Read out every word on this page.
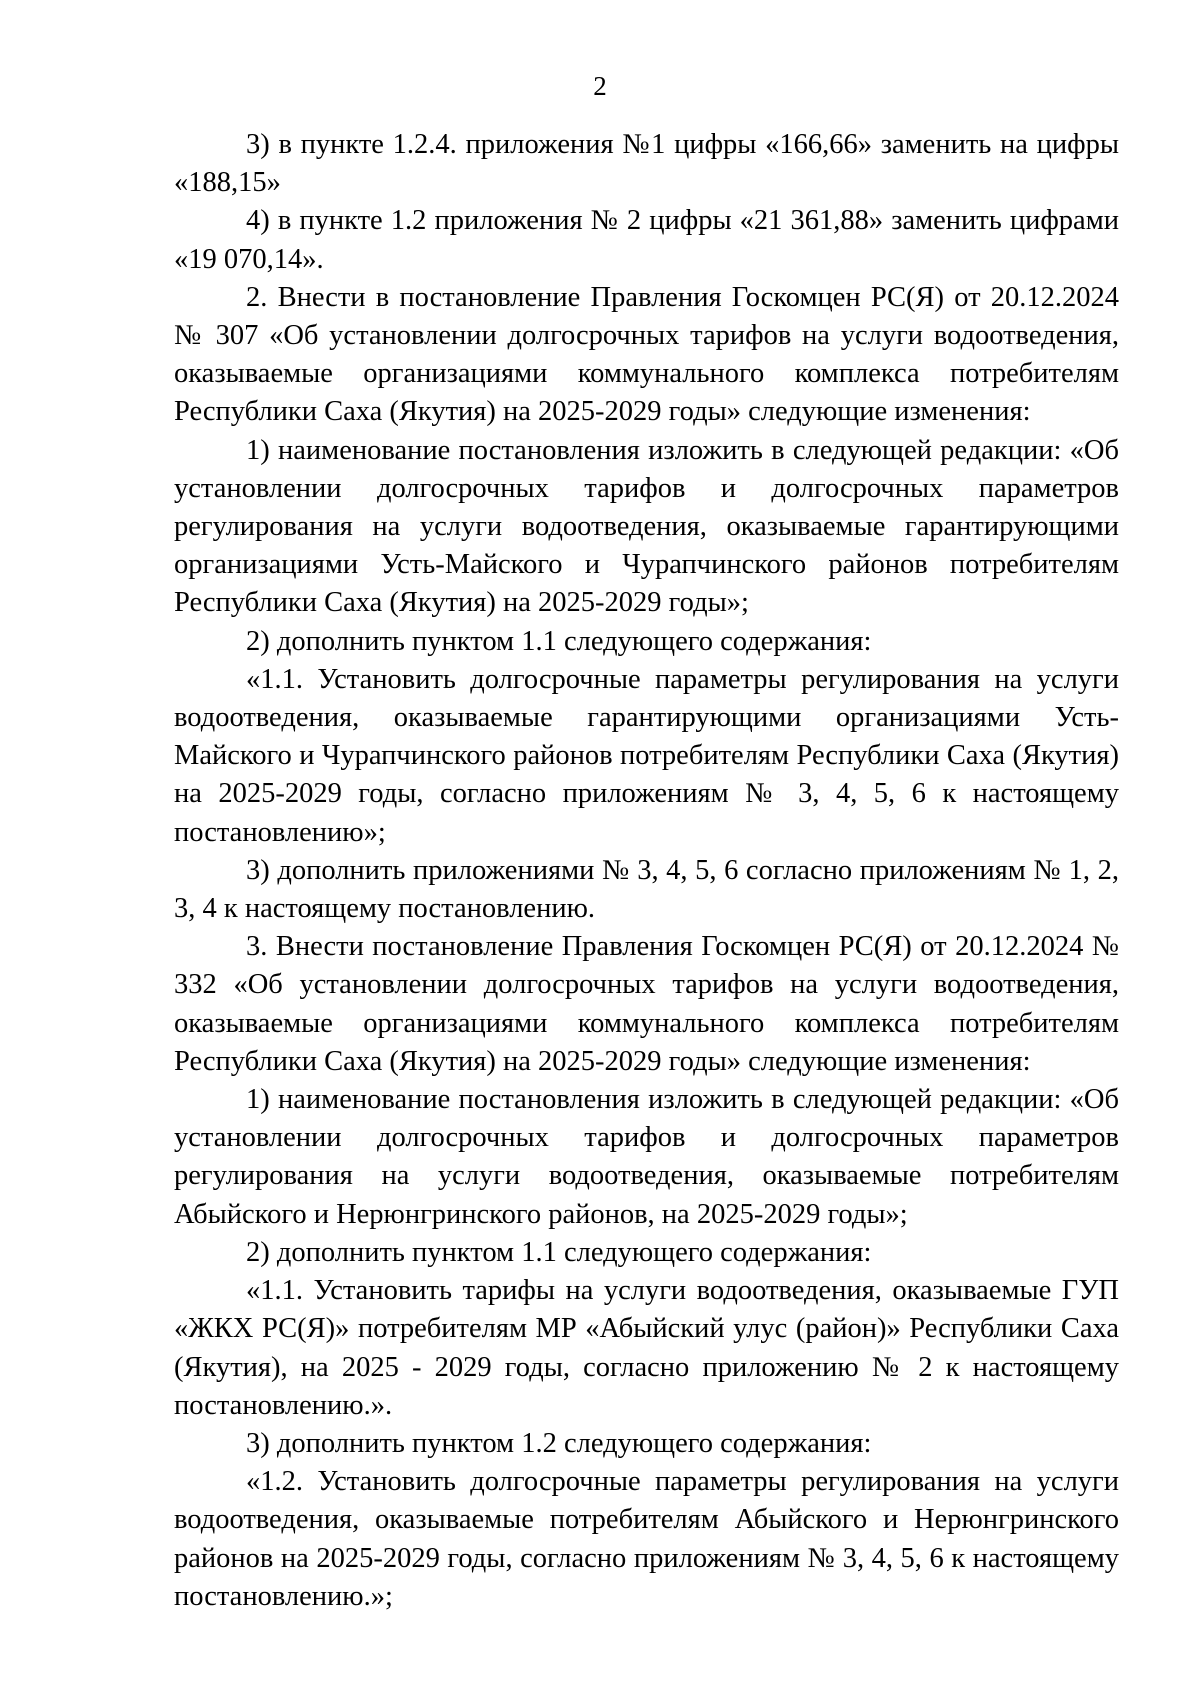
2

3) в пункте 1.2.4. приложения №1 цифры «166,66» заменить на цифры «188,15»

4) в пункте 1.2 приложения № 2 цифры «21 361,88» заменить цифрами «19 070,14».

2. Внести в постановление Правления Госкомцен РС(Я) от 20.12.2024 № 307 «Об установлении долгосрочных тарифов на услуги водоотведения, оказываемые организациями коммунального комплекса потребителям Республики Саха (Якутия) на 2025-2029 годы» следующие изменения:

1) наименование постановления изложить в следующей редакции: «Об установлении долгосрочных тарифов и долгосрочных параметров регулирования на услуги водоотведения, оказываемые гарантирующими организациями Усть-Майского и Чурапчинского районов потребителям Республики Саха (Якутия) на 2025-2029 годы»;

2) дополнить пунктом 1.1 следующего содержания:

«1.1. Установить долгосрочные параметры регулирования на услуги водоотведения, оказываемые гарантирующими организациями Усть-Майского и Чурапчинского районов потребителям Республики Саха (Якутия) на 2025-2029 годы, согласно приложениям № 3, 4, 5, 6 к настоящему постановлению»;

3) дополнить приложениями № 3, 4, 5, 6 согласно приложениям № 1, 2, 3, 4 к настоящему постановлению.

3. Внести постановление Правления Госкомцен РС(Я) от 20.12.2024 № 332 «Об установлении долгосрочных тарифов на услуги водоотведения, оказываемые организациями коммунального комплекса потребителям Республики Саха (Якутия) на 2025-2029 годы» следующие изменения:

1) наименование постановления изложить в следующей редакции: «Об установлении долгосрочных тарифов и долгосрочных параметров регулирования на услуги водоотведения, оказываемые потребителям Абыйского и Нерюнгринского районов, на 2025-2029 годы»;

2) дополнить пунктом 1.1 следующего содержания:

«1.1. Установить тарифы на услуги водоотведения, оказываемые ГУП «ЖКХ РС(Я)» потребителям МР «Абыйский улус (район)» Республики Саха (Якутия), на 2025 - 2029 годы, согласно приложению № 2 к настоящему постановлению.».

3) дополнить пунктом 1.2 следующего содержания:

«1.2. Установить долгосрочные параметры регулирования на услуги водоотведения, оказываемые потребителям Абыйского и Нерюнгринского районов на 2025-2029 годы, согласно приложениям № 3, 4, 5, 6 к настоящему постановлению.»;
